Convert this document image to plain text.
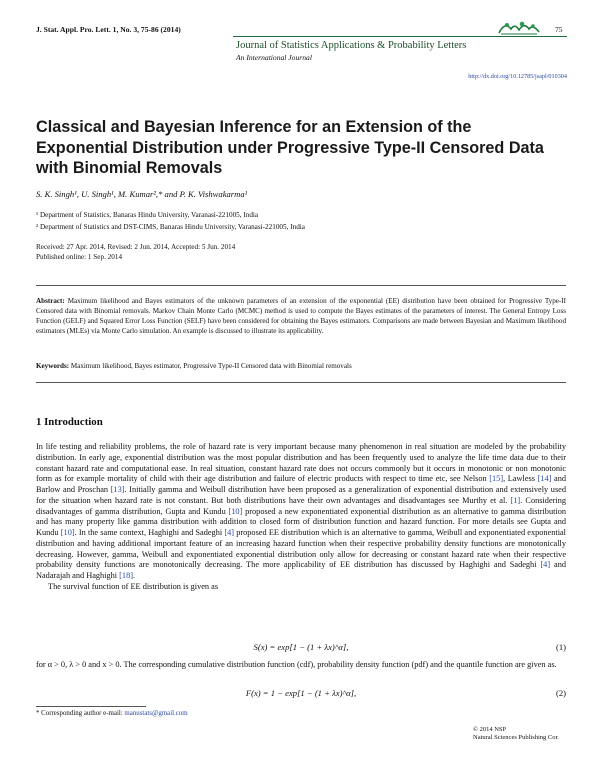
J. Stat. Appl. Pro. Lett. 1, No. 3, 75-86 (2014)	75
Journal of Statistics Applications & Probability Letters
An International Journal
http://dx.doi.org/10.12785/jsapl/010304
Classical and Bayesian Inference for an Extension of the Exponential Distribution under Progressive Type-II Censored Data with Binomial Removals
S. K. Singh¹, U. Singh¹, M. Kumar²,* and P. K. Vishwakarma¹
¹ Department of Statistics, Banaras Hindu University, Varanasi-221005, India
² Department of Statistics and DST-CIMS, Banaras Hindu University, Varanasi-221005, India
Received: 27 Apr. 2014, Revised: 2 Jun. 2014, Accepted: 5 Jun. 2014
Published online: 1 Sep. 2014
Abstract: Maximum likelihood and Bayes estimators of the unknown parameters of an extension of the exponential (EE) distribution have been obtained for Progressive Type-II Censored data with Binomial removals. Markov Chain Monte Carlo (MCMC) method is used to compute the Bayes estimates of the parameters of interest. The General Entropy Loss Function (GELF) and Squared Error Loss Function (SELF) have been considered for obtaining the Bayes estimators. Comparisons are made between Bayesian and Maximum likelihood estimators (MLEs) via Monte Carlo simulation. An example is discussed to illustrate its applicability.
Keywords: Maximum likelihood, Bayes estimator, Progressive Type-II Censored data with Binomial removals
1 Introduction

In life testing and reliability problems, the role of hazard rate is very important because many phenomenon in real situation are modeled by the probability distribution. In early age, exponential distribution was the most popular distribution and has been frequently used to analyze the life time data due to their constant hazard rate and computational ease. In real situation, constant hazard rate does not occurs commonly but it occurs in monotonic or non monotonic form as for example mortality of child with their age distribution and failure of electric products with respect to time etc, see Nelson [15], Lawless [14] and Barlow and Proschan [13]. Initially gamma and Weibull distribution have been proposed as a generalization of exponential distribution and extensively used for the situation when hazard rate is not constant. But both distributions have their own advantages and disadvantages see Murthy et al. [1]. Considering disadvantages of gamma distribution, Gupta and Kundu [10] proposed a new exponentiated exponential distribution as an alternative to gamma distribution and has many property like gamma distribution with addition to closed form of distribution function and hazard function. For more details see Gupta and Kundu [10]. In the same context, Haghighi and Sadeghi [4] proposed EE distribution which is an alternative to gamma, Weibull and exponentiated exponential distribution and having additional important feature of an increasing hazard function when their respective probability density functions are monotonically decreasing. However, gamma, Weibull and exponentiated exponential distribution only allow for decreasing or constant hazard rate when their respective probability density functions are monotonically decreasing. The more applicability of EE distribution has discussed by Haghighi and Sadeghi [4] and Nadarajah and Haghighi [18].

The survival function of EE distribution is given as

S(x) = exp[1 − (1 + λx)^α],	(1)
for α > 0, λ > 0 and x > 0. The corresponding cumulative distribution function (cdf), probability density function (pdf) and the quantile function are given as.
F(x) = 1 − exp[1 − (1 + λx)^α],	(2)
* Corresponding author e-mail: manustats@gmail.com
© 2014 NSP
Natural Sciences Publishing Cor.
